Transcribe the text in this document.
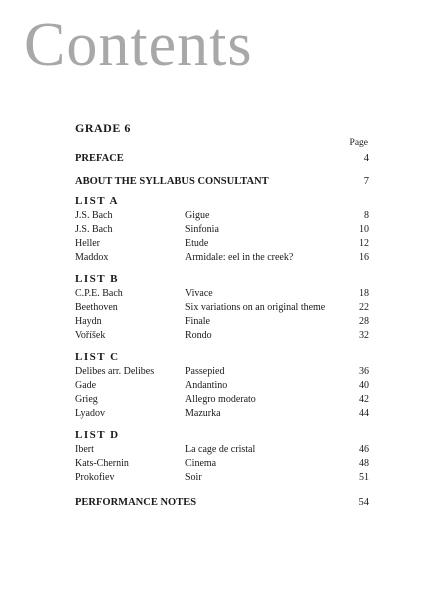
Contents
GRADE 6
Page
PREFACE	4
ABOUT THE SYLLABUS CONSULTANT	7
LIST A
J.S. Bach	Gigue	8
J.S. Bach	Sinfonia	10
Heller	Etude	12
Maddox	Armidale: eel in the creek?	16
LIST B
C.P.E. Bach	Vivace	18
Beethoven	Six variations on an original theme	22
Haydn	Finale	28
Voříšek	Rondo	32
LIST C
Delibes arr. Delibes	Passepied	36
Gade	Andantino	40
Grieg	Allegro moderato	42
Lyadov	Mazurka	44
LIST D
Ibert	La cage de cristal	46
Kats-Chernin	Cinema	48
Prokofiev	Soir	51
PERFORMANCE NOTES	54
